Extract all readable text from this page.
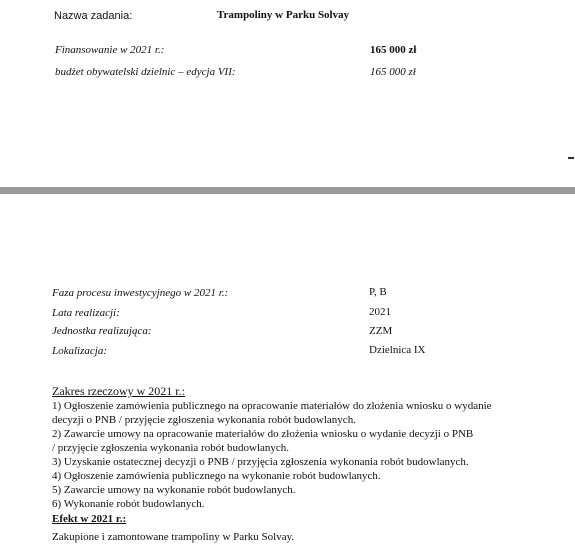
Nazwa zadania:	Trampoliny w Parku Solvay
Finansowanie w 2021 r.:	165 000 zł
budżet obywatelski dzielnic – edycja VII:	165 000 zł
Faza procesu inwestycyjnego w 2021 r.:	P, B
Lata realizacji:	2021
Jednostka realizująca:	ZZM
Lokalizacja:	Dzielnica IX
Zakres rzeczowy w 2021 r.:
1) Ogłoszenie zamówienia publicznego na opracowanie materiałów do złożenia wniosku o wydanie
decyzji o PNB / przyjęcie zgłoszenia wykonania robót budowlanych.
2) Zawarcie umowy na opracowanie materiałów do złożenia wniosku o wydanie decyzji o PNB
/ przyjęcie zgłoszenia wykonania robót budowlanych.
3) Uzyskanie ostatecznej decyzji o PNB / przyjęcia zgłoszenia wykonania robót budowlanych.
4) Ogłoszenie zamówienia publicznego na wykonanie robót budowlanych.
5) Zawarcie umowy na wykonanie robót budowlanych.
6) Wykonanie robót budowlanych.
Efekt w 2021 r.:
Zakupione i zamontowane trampoliny w Parku Solvay.
